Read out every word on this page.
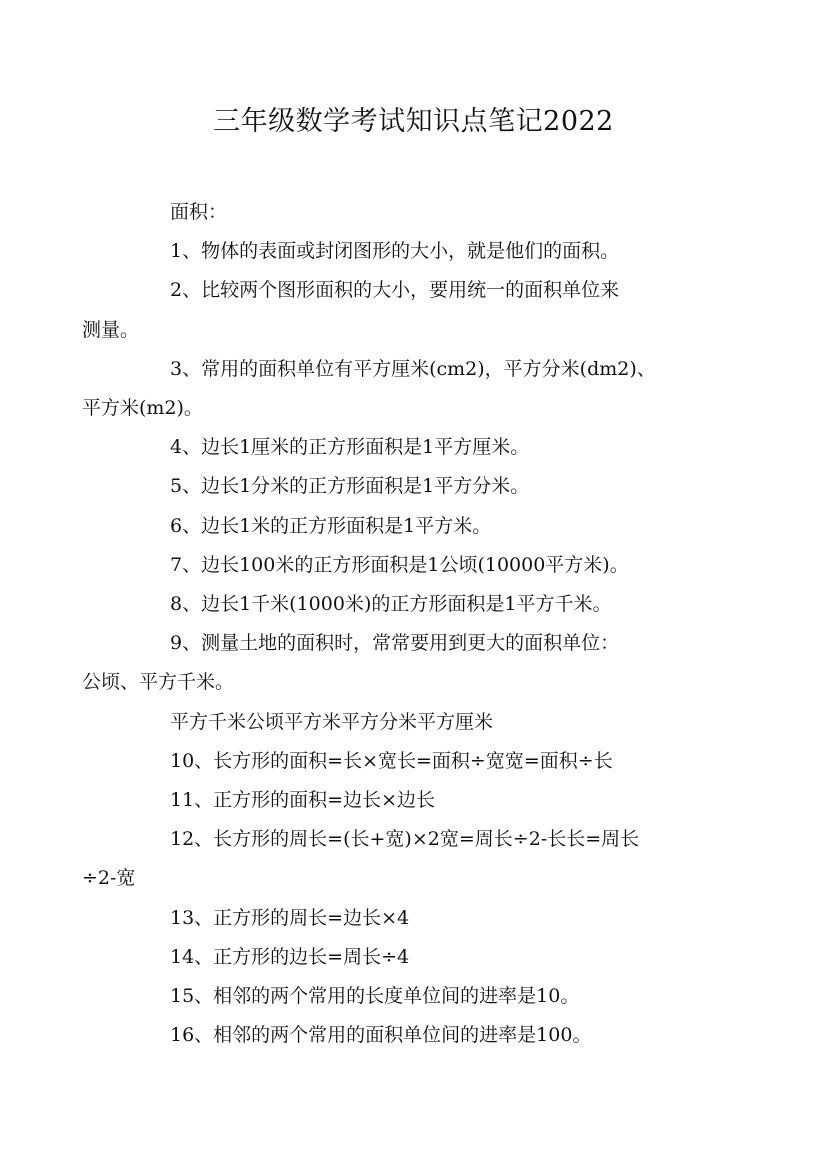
三年级数学考试知识点笔记2022

面积：

1、物体的表面或封闭图形的大小，就是他们的面积。

2、比较两个图形面积的大小，要用统一的面积单位来
测量。

3、常用的面积单位有平方厘米(cm2)，平方分米(dm2)、
平方米(m2)。

4、边长1厘米的正方形面积是1平方厘米。

5、边长1分米的正方形面积是1平方分米。

6、边长1米的正方形面积是1平方米。

7、边长100米的正方形面积是1公顷(10000平方米)。

8、边长1千米(1000米)的正方形面积是1平方千米。

9、测量土地的面积时，常常要用到更大的面积单位：
公顷、平方千米。

平方千米公顷平方米平方分米平方厘米

10、长方形的面积=长×宽长=面积÷宽宽=面积÷长

11、正方形的面积=边长×边长

12、长方形的周长=(长+宽)×2宽=周长÷2-长长=周长
÷2-宽

13、正方形的周长=边长×4

14、正方形的边长=周长÷4

15、相邻的两个常用的长度单位间的进率是10。

16、相邻的两个常用的面积单位间的进率是100。
